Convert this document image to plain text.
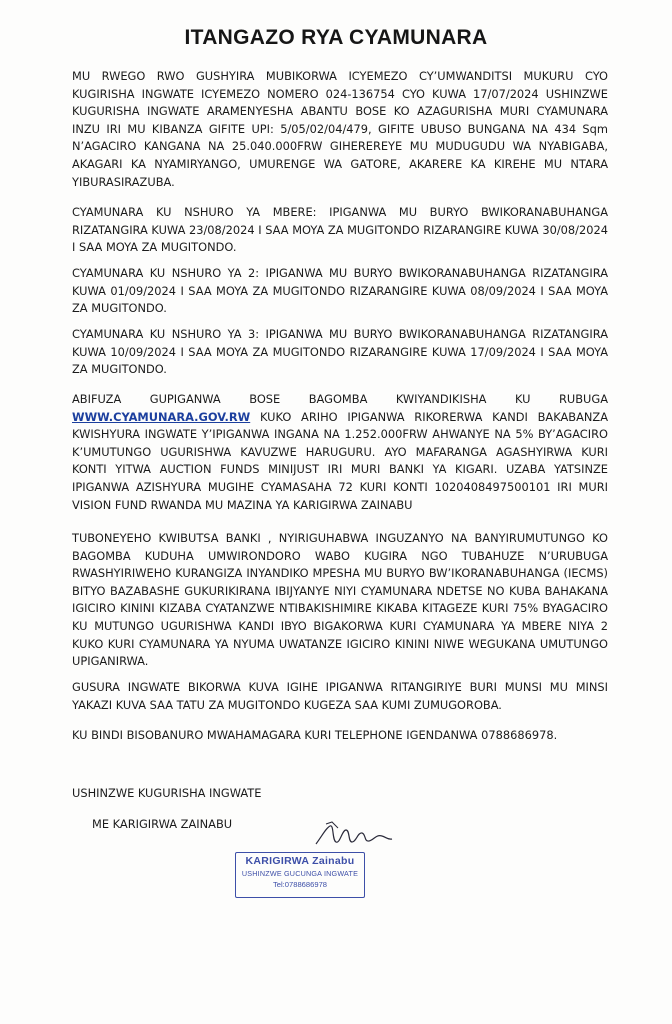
ITANGAZO RYA CYAMUNARA
MU RWEGO RWO GUSHYIRA MUBIKORWA ICYEMEZO CY’UMWANDITSI MUKURU CYO KUGIRISHA INGWATE ICYEMEZO NOMERO 024-136754 CYO KUWA 17/07/2024 USHINZWE KUGURISHA INGWATE ARAMENYESHA ABANTU BOSE KO AZAGURISHA MURI CYAMUNARA INZU IRI MU KIBANZA GIFITE UPI: 5/05/02/04/479, GIFITE UBUSO BUNGANA NA 434 Sqm N’AGACIRO KANGANA NA 25.040.000FRW GIHEREREYE MU MUDUGUDU WA NYABIGABA, AKAGARI KA NYAMIRYANGO, UMURENGE WA GATORE, AKARERE KA KIREHE MU NTARA YIBURASIRAZUBA.
CYAMUNARA KU NSHURO YA MBERE: IPIGANWA MU BURYO BWIKORANABUHANGA RIZATANGIRA KUWA 23/08/2024 I SAA MOYA ZA MUGITONDO RIZARANGIRE KUWA 30/08/2024 I SAA MOYA ZA MUGITONDO.
CYAMUNARA KU NSHURO YA 2: IPIGANWA MU BURYO BWIKORANABUHANGA RIZATANGIRA KUWA 01/09/2024 I SAA MOYA ZA MUGITONDO RIZARANGIRE KUWA 08/09/2024 I SAA MOYA ZA MUGITONDO.
CYAMUNARA KU NSHURO YA 3: IPIGANWA MU BURYO BWIKORANABUHANGA RIZATANGIRA KUWA 10/09/2024 I SAA MOYA ZA MUGITONDO RIZARANGIRE KUWA 17/09/2024 I SAA MOYA ZA MUGITONDO.
ABIFUZA GUPIGANWA BOSE BAGOMBA KWIYANDIKISHA KU RUBUGA WWW.CYAMUNARA.GOV.RW KUKO ARIHO IPIGANWA RIKORERWA KANDI BAKABANZA KWISHYURA INGWATE Y’IPIGANWA INGANA NA 1.252.000FRW AHWANYE NA 5% BY’AGACIRO K’UMUTUNGO UGURISHWA KAVUZWE HARUGURU. AYO MAFARANGA AGASHYIRWA KURI KONTI YITWA AUCTION FUNDS MINIJUST IRI MURI BANKI YA KIGARI. UZABA YATSINZE IPIGANWA AZISHYURA MUGIHE CYAMASAHA 72 KURI KONTI 1020408497500101 IRI MURI VISION FUND RWANDA MU MAZINA YA KARIGIRWA ZAINABU
TUBONEYEHO KWIBUTSA BANKI , NYIRIGUHABWA INGUZANYO NA BANYIRUMUTUNGO KO BAGOMBA KUDUHA UMWIRONDORO WABO KUGIRA NGO TUBAHUZE N’URUBUGA RWASHYIRIWEHO KURANGIZA INYANDIKO MPESHA MU BURYO BW’IKORANABUHANGA (IECMS) BITYO BAZABASHE GUKURIKIRANA IBIJYANYE NIYI CYAMUNARA NDETSE NO KUBA BAHAKANA IGICIRO KININI KIZABA CYATANZWE NTIBAKISHIMIRE KIKABA KITAGEZE KURI 75% BYAGACIRO KU MUTUNGO UGURISHWA KANDI IBYO BIGAKORWA KURI CYAMUNARA YA MBERE NIYA 2 KUKO KURI CYAMUNARA YA NYUMA UWATANZE IGICIRO KININI NIWE WEGUKANA UMUTUNGO UPIGANIRWA.
GUSURA INGWATE BIKORWA KUVA IGIHE IPIGANWA RITANGIRIYE BURI MUNSI MU MINSI YAKAZI KUVA SAA TATU ZA MUGITONDO KUGEZA SAA KUMI ZUMUGOROBA.
KU BINDI BISOBANURO MWAHAMAGARA KURI TELEPHONE IGENDANWA 0788686978.
USHINZWE KUGURISHA INGWATE
ME KARIGIRWA ZAINABU
KARIGIRWA Zainabu
USHINZWE GUCUNGA INGWATE
Tel:0788686978
